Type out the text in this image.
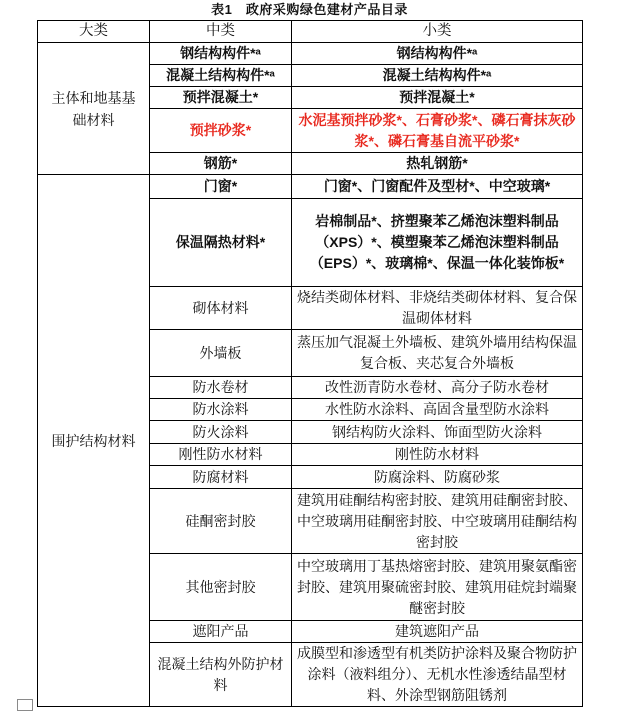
表1　政府采购绿色建材产品目录
大类	中类	小类
主体和地基基础材料	钢结构构件*ᵃ	钢结构构件*ᵃ
	混凝土结构构件*ᵃ	混凝土结构构件*ᵃ
	预拌混凝土*	预拌混凝土*
	预拌砂浆*	水泥基预拌砂浆*、石膏砂浆*、磷石膏抹灰砂浆*、磷石膏基自流平砂浆*
	钢筋*	热轧钢筋*
围护结构材料	门窗*	门窗*、门窗配件及型材*、中空玻璃*
	保温隔热材料*	岩棉制品*、挤塑聚苯乙烯泡沫塑料制品（XPS）*、模塑聚苯乙烯泡沫塑料制品（EPS）*、玻璃棉*、保温一体化装饰板*
	砌体材料	烧结类砌体材料、非烧结类砌体材料、复合保温砌体材料
	外墙板	蒸压加气混凝土外墙板、建筑外墙用结构保温复合板、夹芯复合外墙板
	防水卷材	改性沥青防水卷材、高分子防水卷材
	防水涂料	水性防水涂料、高固含量型防水涂料
	防火涂料	钢结构防火涂料、饰面型防火涂料
	刚性防水材料	刚性防水材料
	防腐材料	防腐涂料、防腐砂浆
	硅酮密封胶	建筑用硅酮结构密封胶、建筑用硅酮密封胶、中空玻璃用硅酮密封胶、中空玻璃用硅酮结构密封胶
	其他密封胶	中空玻璃用丁基热熔密封胶、建筑用聚氨酯密封胶、建筑用聚硫密封胶、建筑用硅烷封端聚醚密封胶
	遮阳产品	建筑遮阳产品
	混凝土结构外防护材料	成膜型和渗透型有机类防护涂料及聚合物防护涂料（液料组分）、无机水性渗透结晶型材料、外涂型钢筋阻锈剂
